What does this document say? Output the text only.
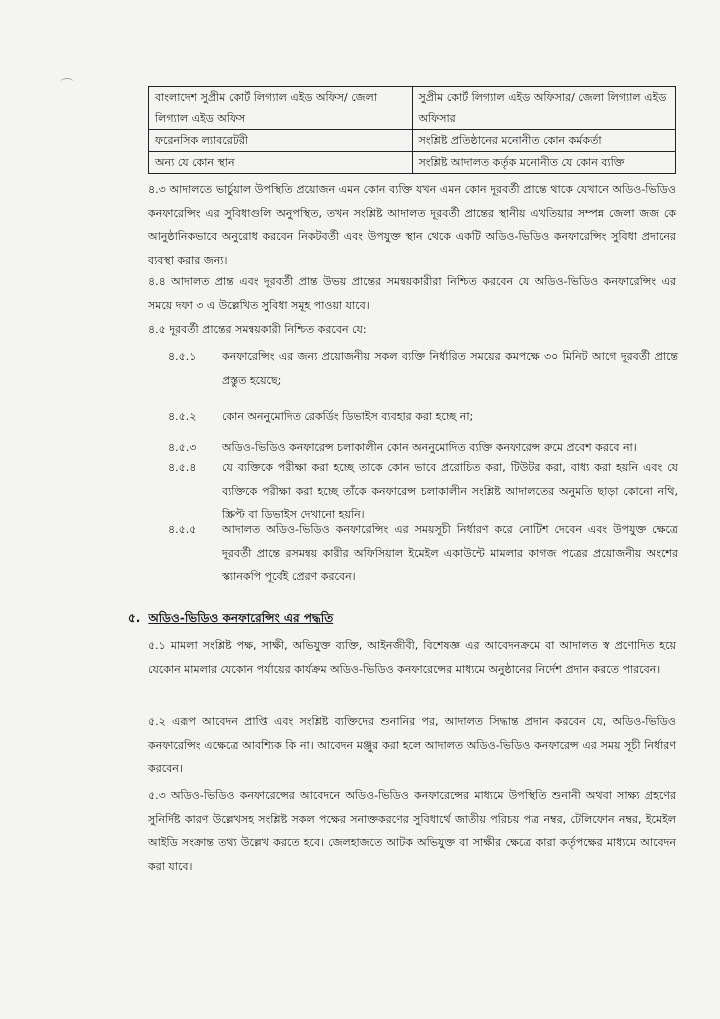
বাংলাদেশ সুপ্রীম কোর্ট লিগ্যাল এইড অফিস/ জেলা লিগ্যাল এইড অফিস	সুপ্রীম কোর্ট লিগ্যাল এইড অফিসার/ জেলা লিগ্যাল এইড অফিসার
ফরেনসিক ল্যাবরেটরী	সংশ্লিষ্ট প্রতিষ্ঠানের মনোনীত কোন কর্মকর্তা
অন্য যে কোন স্থান	সংশ্লিষ্ট আদালত কর্তৃক মনোনীত যে কোন ব্যক্তি

৪.৩ আদালতে ভার্চুয়াল উপস্থিতি প্রয়োজন এমন কোন ব্যক্তি যখন এমন কোন দূরবর্তী প্রান্তে থাকে যেখানে অডিও-ভিডিও কনফারেন্সিং এর সুবিধাগুলি অনুপস্থিত, তখন সংশ্লিষ্ট আদালত দূরবর্তী প্রান্তের স্থানীয় এখতিয়ার সম্পন্ন জেলা জজ কে আনুষ্ঠানিকভাবে অনুরোধ করবেন নিকটবর্তী এবং উপযুক্ত স্থান থেকে একটি অডিও-ভিডিও কনফারেন্সিং সুবিধা প্রদানের ব্যবস্থা করার জন্য।

৪.৪ আদালত প্রান্ত এবং দূরবর্তী প্রান্ত উভয় প্রান্তের সমন্বয়কারীরা নিশ্চিত করবেন যে অডিও-ভিডিও কনফারেন্সিং এর সময়ে দফা ৩ এ উল্লেখিত সুবিধা সমূহ পাওয়া যাবে।

৪.৫ দূরবর্তী প্রান্তের সমন্বয়কারী নিশ্চিত করবেন যে:

৪.৫.১ কনফারেন্সিং এর জন্য প্রয়োজনীয় সকল ব্যক্তি নির্ধারিত সময়ের কমপক্ষে ৩০ মিনিট আগে দূরবর্তী প্রান্তে প্রস্তুত হয়েছে;

৪.৫.২ কোন অননুমোদিত রেকর্ডিং ডিভাইস ব্যবহার করা হচ্ছে না;

৪.৫.৩ অডিও-ভিডিও কনফারেন্স চলাকালীন কোন অননুমোদিত ব্যক্তি কনফারেন্স রুমে প্রবেশ করবে না।

৪.৫.৪ যে ব্যক্তিকে পরীক্ষা করা হচ্ছে তাকে কোন ভাবে প্ররোচিত করা, টিউটর করা, বাধ্য করা হয়নি এবং যে ব্যক্তিকে পরীক্ষা করা হচ্ছে তাঁকে কনফারেন্স চলাকালীন সংশ্লিষ্ট আদালতের অনুমতি ছাড়া কোনো নথি, স্ক্রিপ্ট বা ডিভাইস দেখানো হয়নি।

৪.৫.৫ আদালত অডিও-ভিডিও কনফারেন্সিং এর সময়সূচী নির্ধারণ করে নোটিশ দেবেন এবং উপযুক্ত ক্ষেত্রে দূরবর্তী প্রান্তে রসমন্বয় কারীর অফিসিয়াল ইমেইল একাউন্টে মামলার কাগজ পত্রের প্রয়োজনীয় অংশের স্ক্যানকপি পূর্বেই প্রেরণ করবেন।

৫. অডিও-ভিডিও কনফারেন্সিং এর পদ্ধতি

৫.১ মামলা সংশ্লিষ্ট পক্ষ, সাক্ষী, অভিযুক্ত ব্যক্তি, আইনজীবী, বিশেষজ্ঞ এর আবেদনক্রমে বা আদালত স্ব প্রণোদিত হয়ে যেকোন মামলার যেকোন পর্যায়ের কার্যক্রম অডিও-ভিডিও কনফারেন্সের মাধ্যমে অনুষ্ঠানের নির্দেশ প্রদান করতে পারবেন।

৫.২ এরূপ আবেদন প্রাপ্তি এবং সংশ্লিষ্ট ব্যক্তিদের শুনানির পর, আদালত সিদ্ধান্ত প্রদান করবেন যে, অডিও-ভিডিও কনফারেন্সিং এক্ষেত্রে আবশ্যিক কি না। আবেদন মঞ্জুর করা হলে আদালত অডিও-ভিডিও কনফারেন্স এর সময় সূচী নির্ধারণ করবেন।

৫.৩ অডিও-ভিডিও কনফারেন্সের আবেদনে অডিও-ভিডিও কনফারেন্সের মাধ্যমে উপস্থিতি শুনানী অথবা সাক্ষ্য গ্রহণের সুনির্দিষ্ট কারণ উল্লেখসহ সংশ্লিষ্ট সকল পক্ষের সনাক্তকরণের সুবিধার্থে জাতীয় পরিচয় পত্র নম্বর, টেলিফোন নম্বর, ইমেইল আইডি সংক্রান্ত তথ্য উল্লেখ করতে হবে। জেলহাজতে আটক অভিযুক্ত বা সাক্ষীর ক্ষেত্রে কারা কর্তৃপক্ষের মাধ্যমে আবেদন করা যাবে।
